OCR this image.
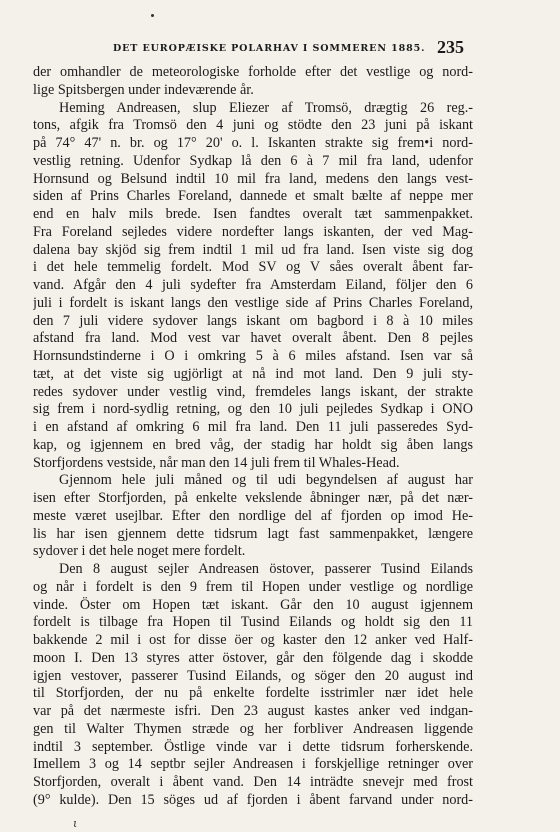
DET EUROPÆISKE POLARHAV I SOMMEREN 1885. 235
der omhandler de meteorologiske forholde efter det vestlige og nord-
lige Spitsbergen under indeværende år.
Heming Andreasen, slup Eliezer af Tromsö, drægtig 26 reg.-
tons, afgik fra Tromsö den 4 juni og stödte den 23 juni på iskant
på 74° 47' n. br. og 17° 20' o. l. Iskanten strakte sig frem•i nord-
vestlig retning. Udenfor Sydkap lå den 6 à 7 mil fra land, udenfor
Hornsund og Belsund indtil 10 mil fra land, medens den langs vest-
siden af Prins Charles Foreland, dannede et smalt bælte af neppe mer
end en halv mils brede. Isen fandtes overalt tæt sammenpakket.
Fra Foreland sejledes videre nordefter langs iskanten, der ved Mag-
dalena bay skjöd sig frem indtil 1 mil ud fra land. Isen viste sig dog
i det hele temmelig fordelt. Mod SV og V såes overalt åbent far-
vand. Afgår den 4 juli sydefter fra Amsterdam Eiland, följer den 6
juli i fordelt is iskant langs den vestlige side af Prins Charles Foreland,
den 7 juli videre sydover langs iskant om bagbord i 8 à 10 miles
afstand fra land. Mod vest var havet overalt åbent. Den 8 pejles
Hornsundstinderne i O i omkring 5 à 6 miles afstand. Isen var så
tæt, at det viste sig ugjörligt at nå ind mot land. Den 9 juli sty-
redes sydover under vestlig vind, fremdeles langs iskant, der strakte
sig frem i nord-sydlig retning, og den 10 juli pejledes Sydkap i ONO
i en afstand af omkring 6 mil fra land. Den 11 juli passeredes Syd-
kap, og igjennem en bred våg, der stadig har holdt sig åben langs
Storfjordens vestside, når man den 14 juli frem til Whales-Head.
Gjennom hele juli måned og til udi begyndelsen af august har
isen efter Storfjorden, på enkelte vekslende åbninger nær, på det nær-
meste været usejlbar. Efter den nordlige del af fjorden op imod He-
lis har isen gjennem dette tidsrum lagt fast sammenpakket, længere
sydover i det hele noget mere fordelt.
Den 8 august sejler Andreasen östover, passerer Tusind Eilands
og når i fordelt is den 9 frem til Hopen under vestlige og nordlige
vinde. Öster om Hopen tæt iskant. Går den 10 august igjennem
fordelt is tilbage fra Hopen til Tusind Eilands og holdt sig den 11
bakkende 2 mil i ost for disse öer og kaster den 12 anker ved Half-
moon I. Den 13 styres atter östover, går den fölgende dag i skodde
igjen vestover, passerer Tusind Eilands, og söger den 20 august ind
til Storfjorden, der nu på enkelte fordelte isstrimler nær idet hele
var på det nærmeste isfri. Den 23 august kastes anker ved indgan-
gen til Walter Thymen stræde og her forbliver Andreasen liggende
indtil 3 september. Östlige vinde var i dette tidsrum forherskende.
Imellem 3 og 14 septbr sejler Andreasen i forskjellige retninger over
Storfjorden, overalt i åbent vand. Den 14 inträdte snevejr med frost
(9° kulde). Den 15 söges ud af fjorden i åbent farvand under nord-
ι
